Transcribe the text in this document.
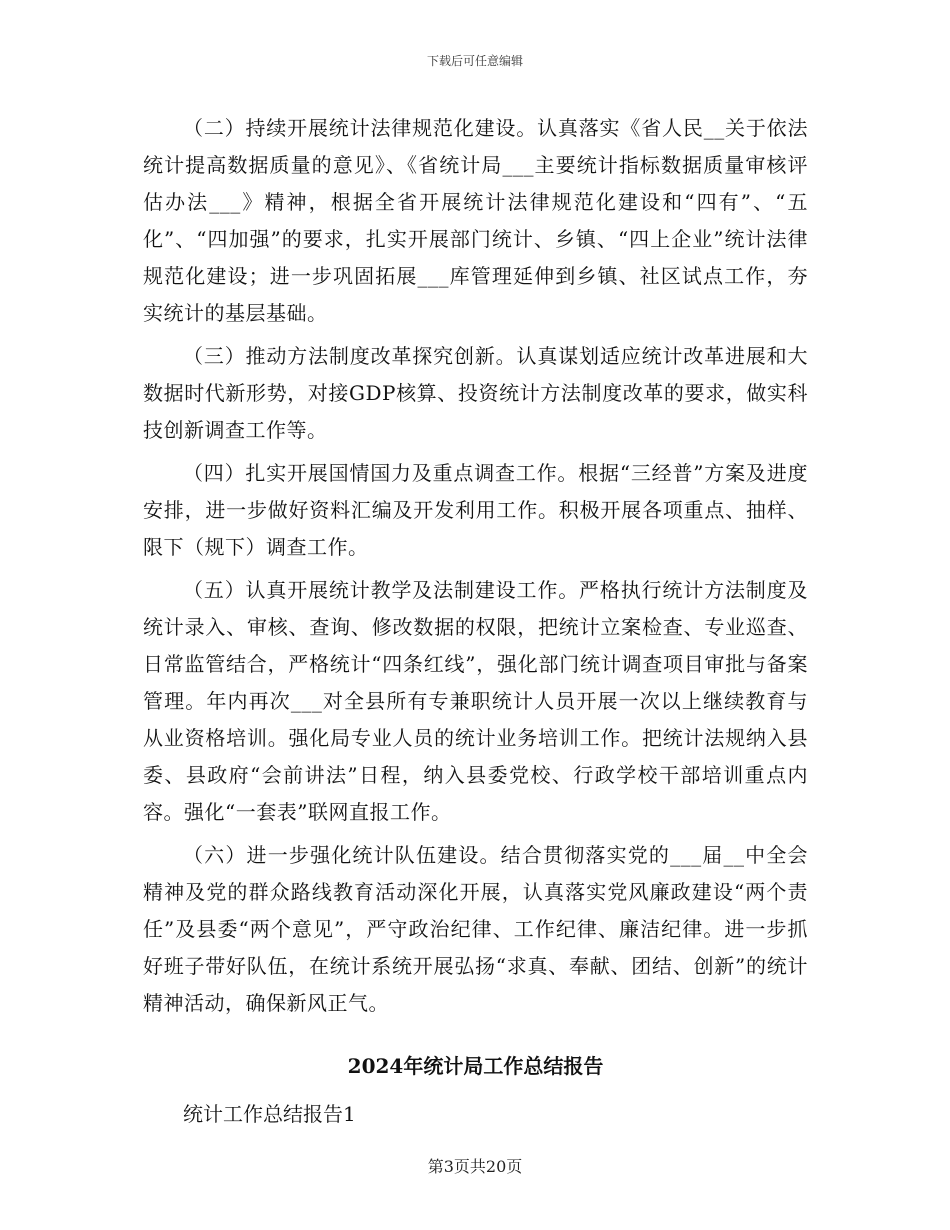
下载后可任意编辑

（二）持续开展统计法律规范化建设。认真落实《省人民__关于依法统计提高数据质量的意见》、《省统计局___主要统计指标数据质量审核评估办法___》精神，根据全省开展统计法律规范化建设和“四有”、“五化”、“四加强”的要求，扎实开展部门统计、乡镇、“四上企业”统计法律规范化建设；进一步巩固拓展___库管理延伸到乡镇、社区试点工作，夯实统计的基层基础。

（三）推动方法制度改革探究创新。认真谋划适应统计改革进展和大数据时代新形势，对接GDP核算、投资统计方法制度改革的要求，做实科技创新调查工作等。

（四）扎实开展国情国力及重点调查工作。根据“三经普”方案及进度安排，进一步做好资料汇编及开发利用工作。积极开展各项重点、抽样、限下（规下）调查工作。

（五）认真开展统计教学及法制建设工作。严格执行统计方法制度及统计录入、审核、查询、修改数据的权限，把统计立案检查、专业巡查、日常监管结合，严格统计“四条红线”，强化部门统计调查项目审批与备案管理。年内再次___对全县所有专兼职统计人员开展一次以上继续教育与从业资格培训。强化局专业人员的统计业务培训工作。把统计法规纳入县委、县政府“会前讲法”日程，纳入县委党校、行政学校干部培训重点内容。强化“一套表”联网直报工作。

（六）进一步强化统计队伍建设。结合贯彻落实党的___届__中全会精神及党的群众路线教育活动深化开展，认真落实党风廉政建设“两个责任”及县委“两个意见”，严守政治纪律、工作纪律、廉洁纪律。进一步抓好班子带好队伍，在统计系统开展弘扬“求真、奉献、团结、创新”的统计精神活动，确保新风正气。

2024年统计局工作总结报告
统计工作总结报告1
第3页共20页
